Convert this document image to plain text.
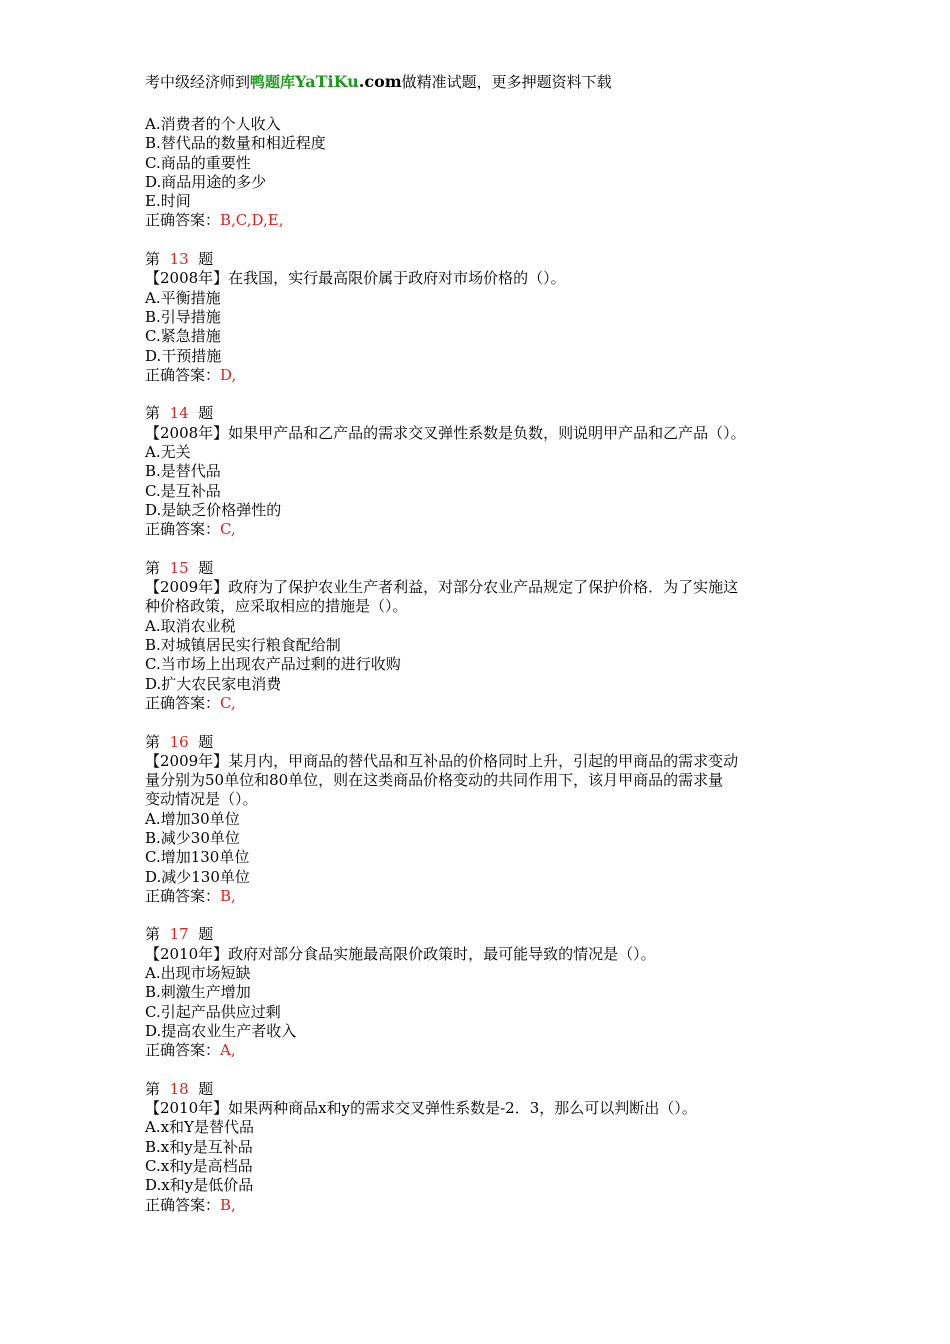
考中级经济师到鸭题库YaTiKu.com做精准试题，更多押题资料下载
A.消费者的个人收入
B.替代品的数量和相近程度
C.商品的重要性
D.商品用途的多少
E.时间
正确答案：B,C,D,E,
第 13 题
【2008年】在我国，实行最高限价属于政府对市场价格的（）。
A.平衡措施
B.引导措施
C.紧急措施
D.干预措施
正确答案：D,
第 14 题
【2008年】如果甲产品和乙产品的需求交叉弹性系数是负数，则说明甲产品和乙产品（）。
A.无关
B.是替代品
C.是互补品
D.是缺乏价格弹性的
正确答案：C,
第 15 题
【2009年】政府为了保护农业生产者利益，对部分农业产品规定了保护价格．为了实施这
种价格政策，应采取相应的措施是（）。
A.取消农业税
B.对城镇居民实行粮食配给制
C.当市场上出现农产品过剩的进行收购
D.扩大农民家电消费
正确答案：C,
第 16 题
【2009年】某月内，甲商品的替代品和互补品的价格同时上升，引起的甲商品的需求变动
量分别为50单位和80单位，则在这类商品价格变动的共同作用下，该月甲商品的需求量
变动情况是（）。
A.增加30单位
B.减少30单位
C.增加130单位
D.减少130单位
正确答案：B,
第 17 题
【2010年】政府对部分食品实施最高限价政策时，最可能导致的情况是（）。
A.出现市场短缺
B.刺激生产增加
C.引起产品供应过剩
D.提高农业生产者收入
正确答案：A,
第 18 题
【2010年】如果两种商品x和y的需求交叉弹性系数是-2．3，那么可以判断出（）。
A.x和Y是替代品
B.x和y是互补品
C.x和y是高档品
D.x和y是低价品
正确答案：B,
